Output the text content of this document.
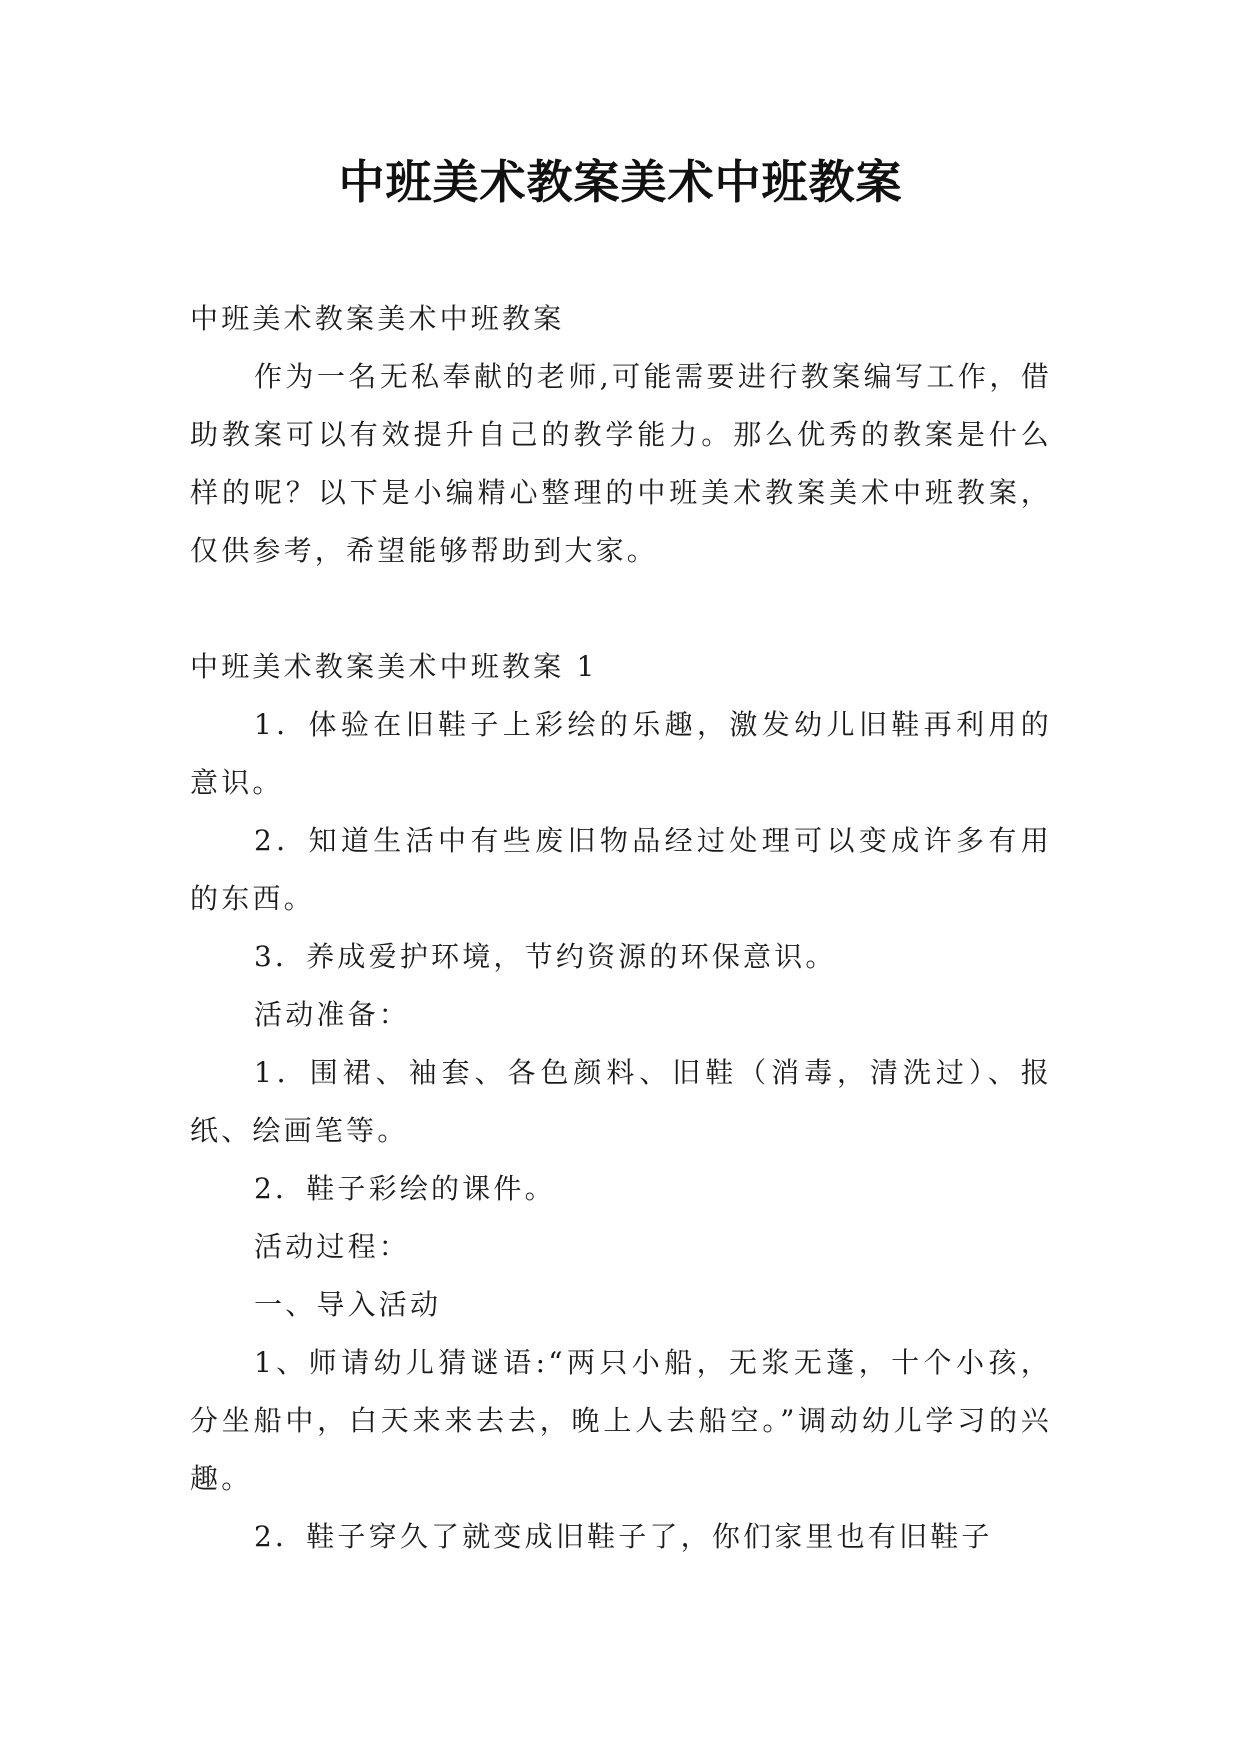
中班美术教案美术中班教案

中班美术教案美术中班教案

作为一名无私奉献的老师,可能需要进行教案编写工作，借助教案可以有效提升自己的教学能力。那么优秀的教案是什么样的呢？以下是小编精心整理的中班美术教案美术中班教案，仅供参考，希望能够帮助到大家。

中班美术教案美术中班教案 1

1．体验在旧鞋子上彩绘的乐趣，激发幼儿旧鞋再利用的意识。

2．知道生活中有些废旧物品经过处理可以变成许多有用的东西。

3．养成爱护环境，节约资源的环保意识。

活动准备：

1．围裙、袖套、各色颜料、旧鞋（消毒，清洗过）、报纸、绘画笔等。

2．鞋子彩绘的课件。

活动过程：

一、导入活动

1、师请幼儿猜谜语:“两只小船，无浆无蓬，十个小孩，分坐船中，白天来来去去，晚上人去船空。”调动幼儿学习的兴趣。

2．鞋子穿久了就变成旧鞋子了，你们家里也有旧鞋子
